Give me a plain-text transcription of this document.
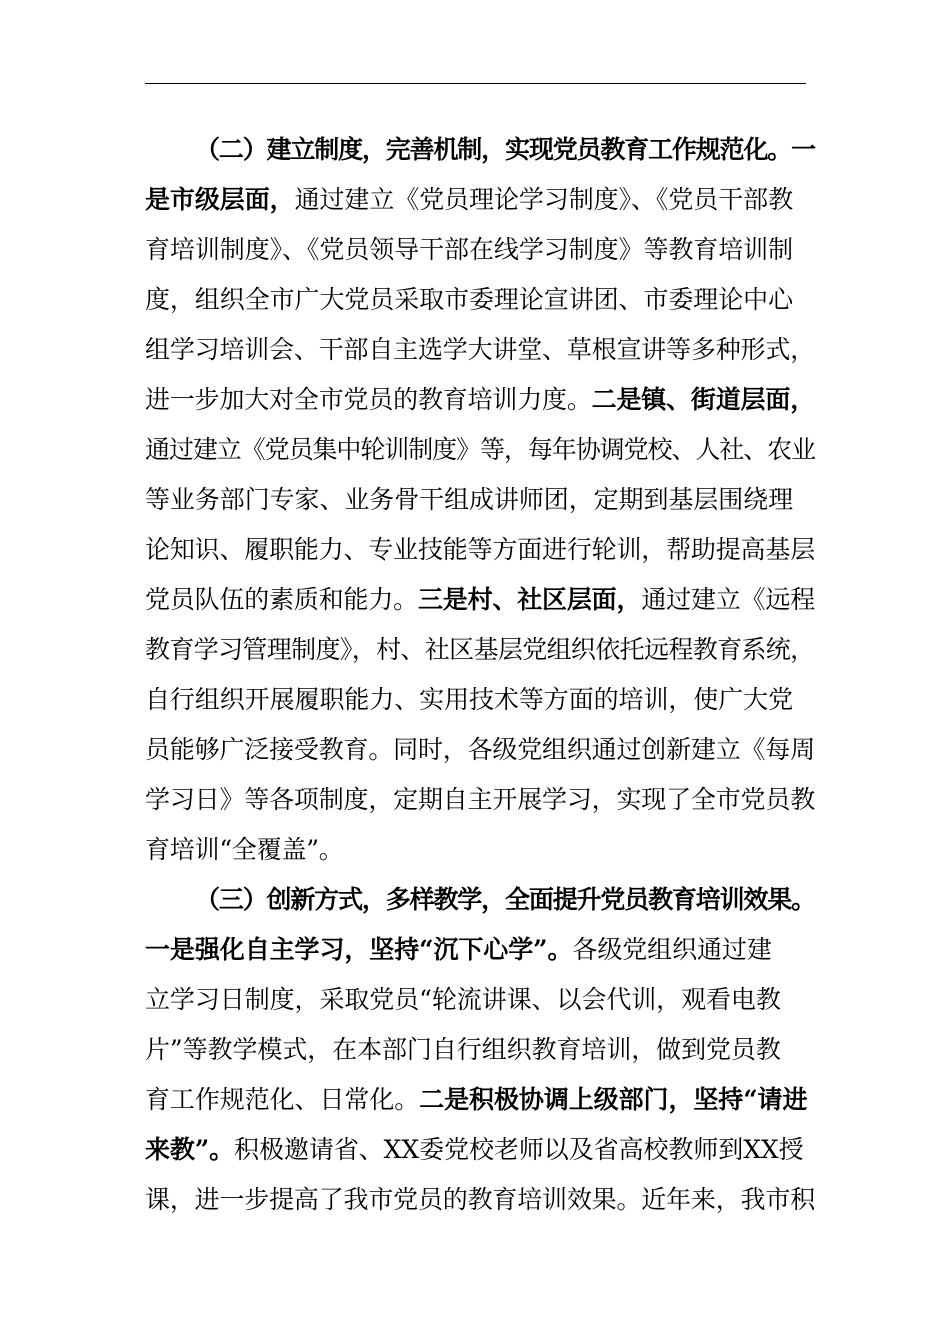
（二）建立制度，完善机制，实现党员教育工作规范化。一
是市级层面，通过建立《党员理论学习制度》、《党员干部教
育培训制度》、《党员领导干部在线学习制度》等教育培训制
度，组织全市广大党员采取市委理论宣讲团、市委理论中心
组学习培训会、干部自主选学大讲堂、草根宣讲等多种形式，
进一步加大对全市党员的教育培训力度。二是镇、街道层面，
通过建立《党员集中轮训制度》等，每年协调党校、人社、农业
等业务部门专家、业务骨干组成讲师团，定期到基层围绕理
论知识、履职能力、专业技能等方面进行轮训，帮助提高基层
党员队伍的素质和能力。三是村、社区层面，通过建立《远程
教育学习管理制度》，村、社区基层党组织依托远程教育系统，
自行组织开展履职能力、实用技术等方面的培训，使广大党
员能够广泛接受教育。同时，各级党组织通过创新建立《每周
学习日》等各项制度，定期自主开展学习，实现了全市党员教
育培训“全覆盖”。
（三）创新方式，多样教学，全面提升党员教育培训效果。
一是强化自主学习，坚持“沉下心学”。各级党组织通过建
立学习日制度，采取党员“轮流讲课、以会代训，观看电教
片”等教学模式，在本部门自行组织教育培训，做到党员教
育工作规范化、日常化。二是积极协调上级部门，坚持“请进
来教”。积极邀请省、XX委党校老师以及省高校教师到XX授
课，进一步提高了我市党员的教育培训效果。近年来，我市积
